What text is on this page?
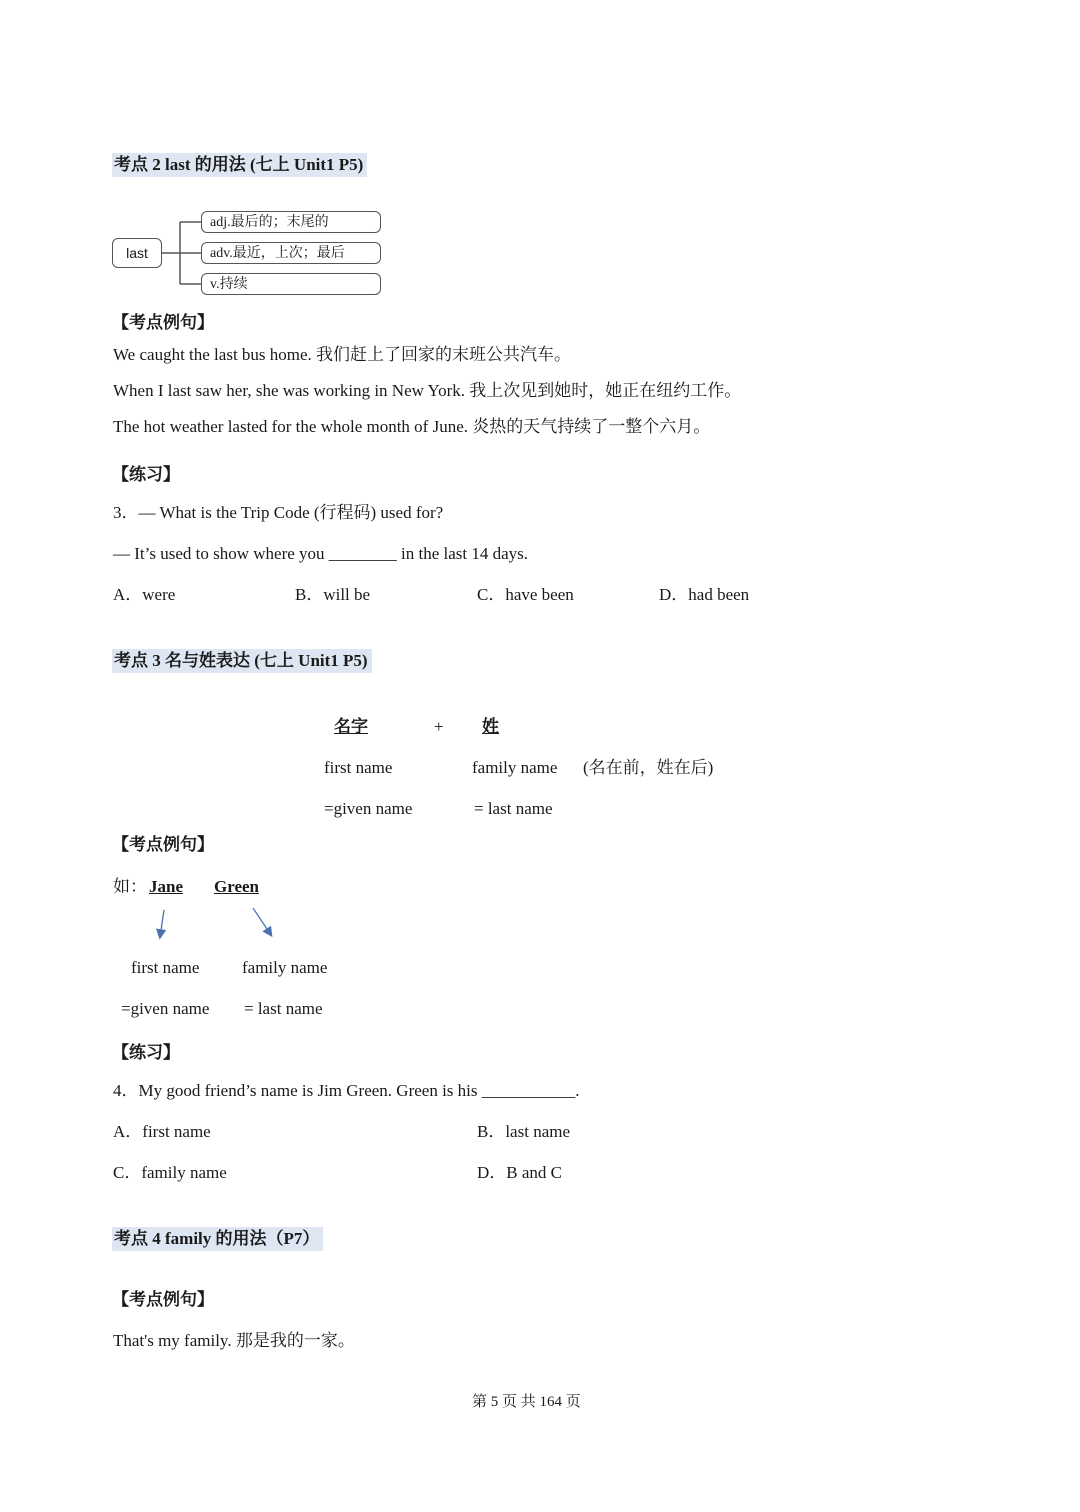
考点 2 last 的用法 (七上 Unit1 P5)
last
adj.最后的；末尾的
adv.最近，上次；最后
v.持续
【考点例句】
We caught the last bus home. 我们赶上了回家的末班公共汽车。
When I last saw her, she was working in New York. 我上次见到她时，她正在纽约工作。
The hot weather lasted for the whole month of June. 炎热的天气持续了一整个六月。
【练习】
3．— What is the Trip Code (行程码) used for?
— It’s used to show where you ________ in the last 14 days.
A．were	B．will be	C．have been	D．had been
考点 3 名与姓表达 (七上 Unit1 P5)
名字	+ 姓
first name	family name (名在前，姓在后)
=given name	= last name
【考点例句】
如： Jane Green
first name	family name
=given name = last name
【练习】
4．My good friend’s name is Jim Green. Green is his ___________.
A．first name	B．last name
C．family name	D．B and C
考点 4 family 的用法（P7）
【考点例句】
That's my family. 那是我的一家。
第 5 页 共 164 页
